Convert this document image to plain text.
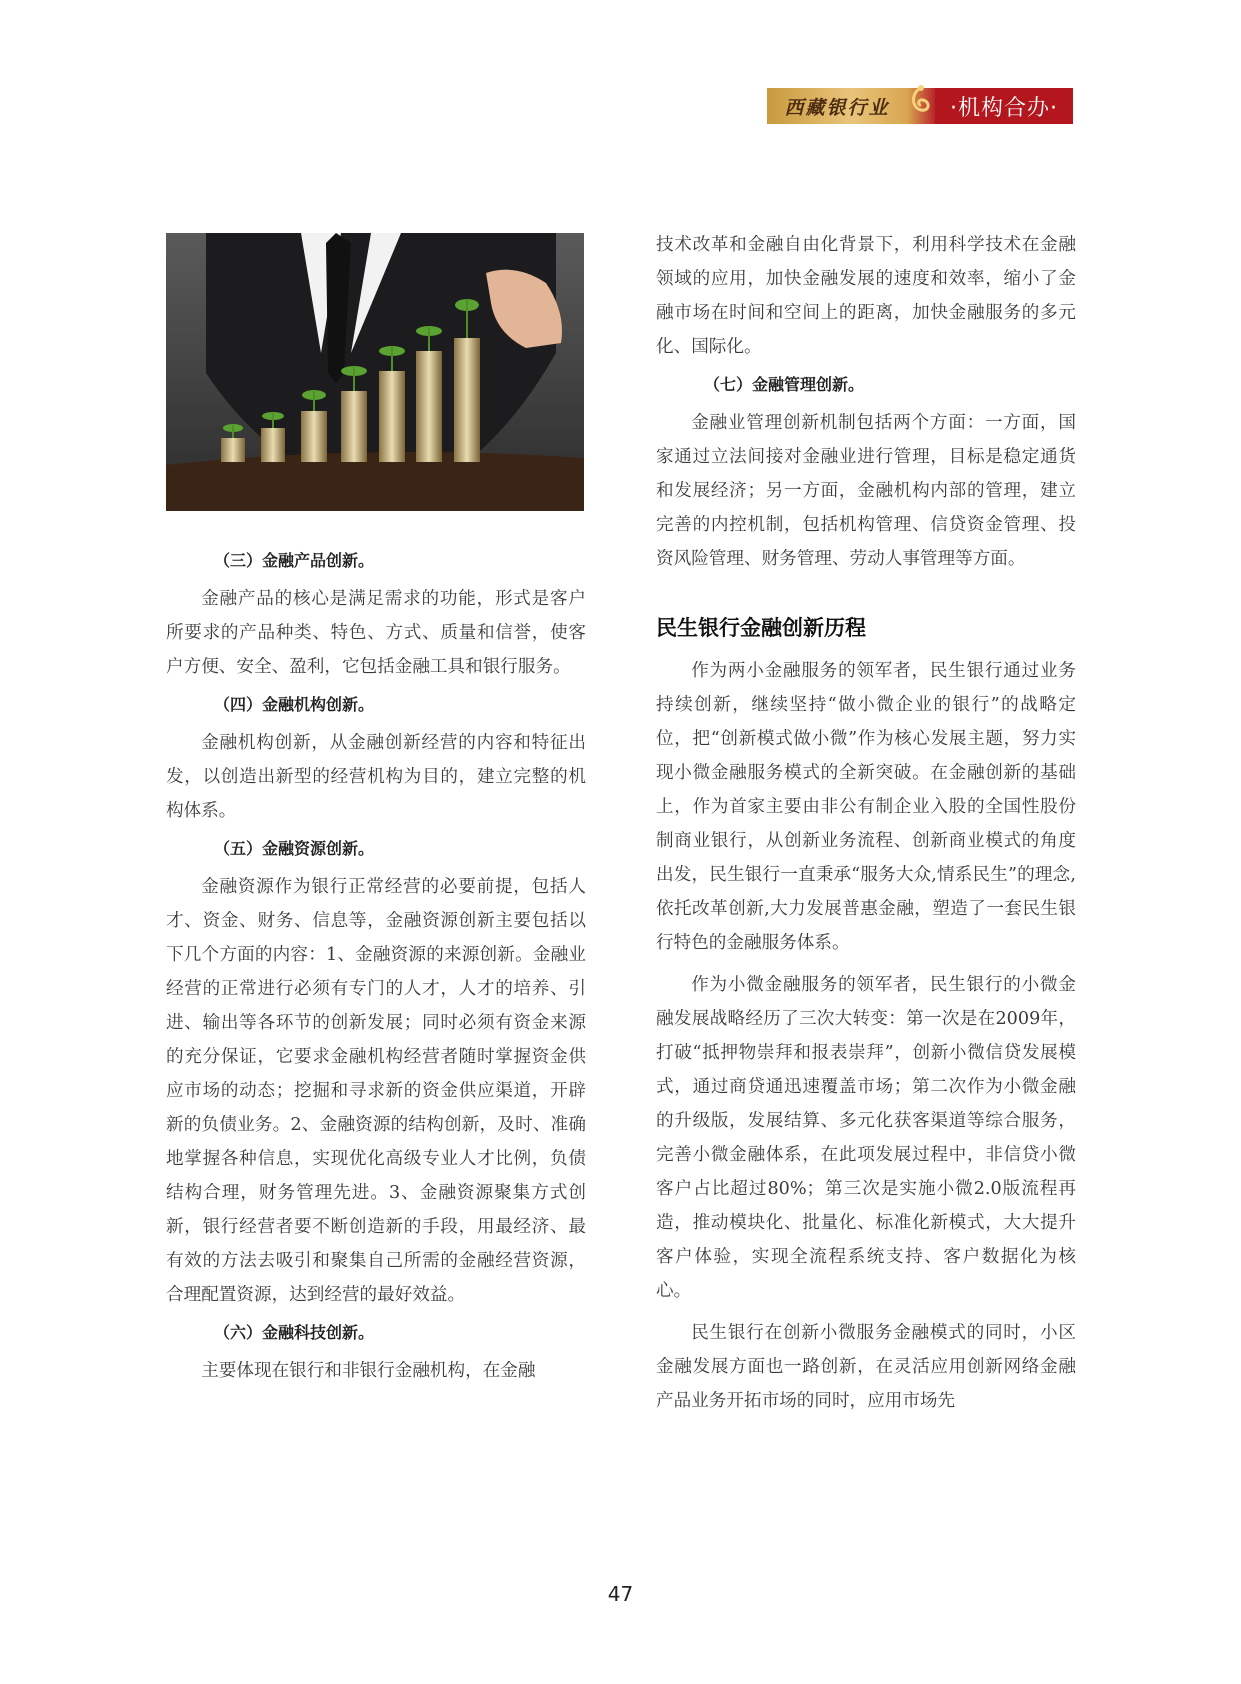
西藏银行业	·机构合办·
（三）金融产品创新。

金融产品的核心是满足需求的功能，形式是客户所要求的产品种类、特色、方式、质量和信誉，使客户方便、安全、盈利，它包括金融工具和银行服务。

（四）金融机构创新。

金融机构创新，从金融创新经营的内容和特征出发，以创造出新型的经营机构为目的，建立完整的机构体系。

（五）金融资源创新。

金融资源作为银行正常经营的必要前提，包括人才、资金、财务、信息等，金融资源创新主要包括以下几个方面的内容：1、金融资源的来源创新。金融业经营的正常进行必须有专门的人才，人才的培养、引进、输出等各环节的创新发展；同时必须有资金来源的充分保证，它要求金融机构经营者随时掌握资金供应市场的动态；挖掘和寻求新的资金供应渠道，开辟新的负债业务。2、金融资源的结构创新，及时、准确地掌握各种信息，实现优化高级专业人才比例，负债结构合理，财务管理先进。3、金融资源聚集方式创新，银行经营者要不断创造新的手段，用最经济、最有效的方法去吸引和聚集自己所需的金融经营资源，合理配置资源，达到经营的最好效益。

（六）金融科技创新。

主要体现在银行和非银行金融机构，在金融

技术改革和金融自由化背景下，利用科学技术在金融领域的应用，加快金融发展的速度和效率，缩小了金融市场在时间和空间上的距离，加快金融服务的多元化、国际化。

（七）金融管理创新。

金融业管理创新机制包括两个方面：一方面，国家通过立法间接对金融业进行管理，目标是稳定通货和发展经济；另一方面，金融机构内部的管理，建立完善的内控机制，包括机构管理、信贷资金管理、投资风险管理、财务管理、劳动人事管理等方面。

民生银行金融创新历程

作为两小金融服务的领军者，民生银行通过业务持续创新，继续坚持“做小微企业的银行”的战略定位，把“创新模式做小微”作为核心发展主题，努力实现小微金融服务模式的全新突破。在金融创新的基础上，作为首家主要由非公有制企业入股的全国性股份制商业银行，从创新业务流程、创新商业模式的角度出发，民生银行一直秉承“服务大众,情系民生”的理念,依托改革创新,大力发展普惠金融，塑造了一套民生银行特色的金融服务体系。

作为小微金融服务的领军者，民生银行的小微金融发展战略经历了三次大转变：第一次是在2009年，打破“抵押物崇拜和报表崇拜”，创新小微信贷发展模式，通过商贷通迅速覆盖市场；第二次作为小微金融的升级版，发展结算、多元化获客渠道等综合服务，完善小微金融体系，在此项发展过程中，非信贷小微客户占比超过80%；第三次是实施小微2.0版流程再造，推动模块化、批量化、标准化新模式，大大提升客户体验，实现全流程系统支持、客户数据化为核心。

民生银行在创新小微服务金融模式的同时，小区金融发展方面也一路创新，在灵活应用创新网络金融产品业务开拓市场的同时，应用市场先

47
